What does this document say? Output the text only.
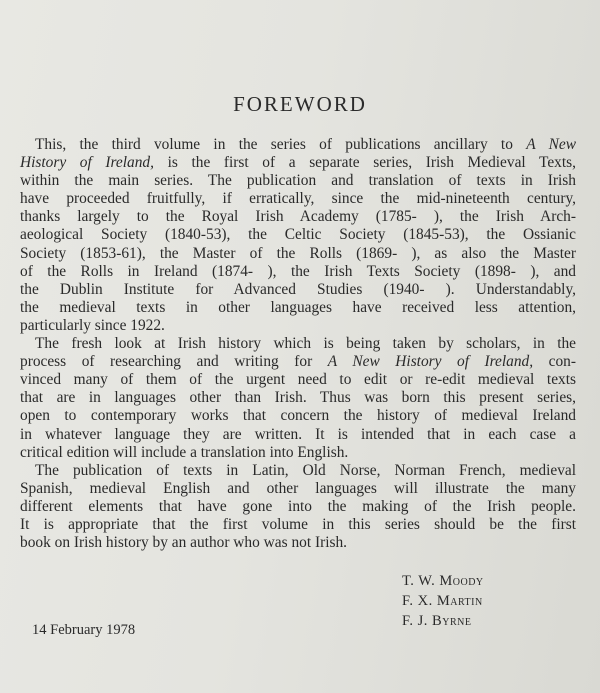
FOREWORD

This, the third volume in the series of publications ancillary to A New
History of Ireland, is the first of a separate series, Irish Medieval Texts,
within the main series. The publication and translation of texts in Irish
have proceeded fruitfully, if erratically, since the mid-nineteenth century,
thanks largely to the Royal Irish Academy (1785- ), the Irish Arch-
aeological Society (1840-53), the Celtic Society (1845-53), the Ossianic
Society (1853-61), the Master of the Rolls (1869- ), as also the Master
of the Rolls in Ireland (1874- ), the Irish Texts Society (1898- ), and
the Dublin Institute for Advanced Studies (1940- ). Understandably,
the medieval texts in other languages have received less attention,
particularly since 1922.

The fresh look at Irish history which is being taken by scholars, in the
process of researching and writing for A New History of Ireland, con-
vinced many of them of the urgent need to edit or re-edit medieval texts
that are in languages other than Irish. Thus was born this present series,
open to contemporary works that concern the history of medieval Ireland
in whatever language they are written. It is intended that in each case a
critical edition will include a translation into English.

The publication of texts in Latin, Old Norse, Norman French, medieval
Spanish, medieval English and other languages will illustrate the many
different elements that have gone into the making of the Irish people.
It is appropriate that the first volume in this series should be the first
book on Irish history by an author who was not Irish.

T. W. Moody
F. X. Martin
F. J. Byrne
14 February 1978
